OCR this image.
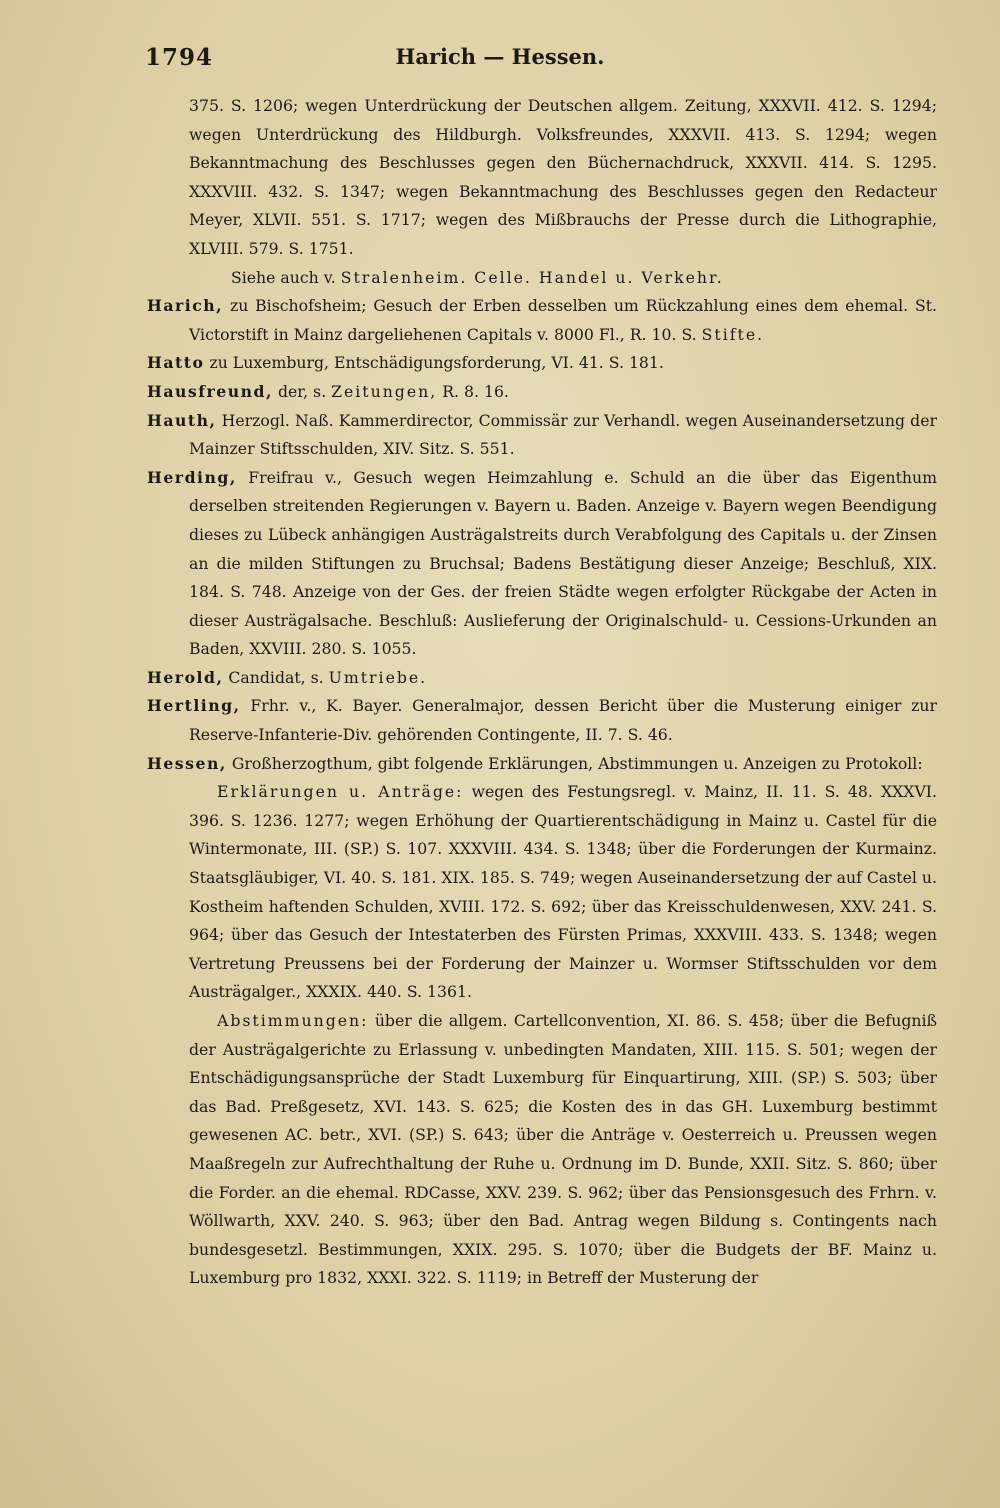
1794	Harich — Hessen.

375. S. 1206; wegen Unterdrückung der Deutschen allgem. Zeitung, XXXVII. 412. S. 1294; wegen Unterdrückung des Hildburgh. Volksfreundes, XXXVII. 413. S. 1294; wegen Bekanntmachung des Beschlusses gegen den Büchernachdruck, XXXVII. 414. S. 1295. XXXVIII. 432. S. 1347; wegen Bekanntmachung des Beschlusses gegen den Redacteur Meyer, XLVII. 551. S. 1717; wegen des Mißbrauchs der Presse durch die Lithographie, XLVIII. 579. S. 1751.

Siehe auch v. Stralenheim. Celle. Handel u. Verkehr.

Harich, zu Bischofsheim; Gesuch der Erben desselben um Rückzahlung eines dem ehemal. St. Victorstift in Mainz dargeliehenen Capitals v. 8000 Fl., R. 10. S. Stifte.

Hatto zu Luxemburg, Entschädigungsforderung, VI. 41. S. 181.

Hausfreund, der, s. Zeitungen, R. 8. 16.

Hauth, Herzogl. Naß. Kammerdirector, Commissär zur Verhandl. wegen Auseinandersetzung der Mainzer Stiftsschulden, XIV. Sitz. S. 551.

Herding, Freifrau v., Gesuch wegen Heimzahlung e. Schuld an die über das Eigenthum derselben streitenden Regierungen v. Bayern u. Baden. Anzeige v. Bayern wegen Beendigung dieses zu Lübeck anhängigen Austrägalstreits durch Verabfolgung des Capitals u. der Zinsen an die milden Stiftungen zu Bruchsal; Badens Bestätigung dieser Anzeige; Beschluß, XIX. 184. S. 748. Anzeige von der Ges. der freien Städte wegen erfolgter Rückgabe der Acten in dieser Austrägalsache. Beschluß: Auslieferung der Originalschuld- u. Cessions-Urkunden an Baden, XXVIII. 280. S. 1055.

Herold, Candidat, s. Umtriebe.

Hertling, Frhr. v., K. Bayer. Generalmajor, dessen Bericht über die Musterung einiger zur Reserve-Infanterie-Div. gehörenden Contingente, II. 7. S. 46.

Hessen, Großherzogthum, gibt folgende Erklärungen, Abstimmungen u. Anzeigen zu Protokoll:

Erklärungen u. Anträge: wegen des Festungsregl. v. Mainz, II. 11. S. 48. XXXVI. 396. S. 1236. 1277; wegen Erhöhung der Quartierentschädigung in Mainz u. Castel für die Wintermonate, III. (SP.) S. 107. XXXVIII. 434. S. 1348; über die Forderungen der Kurmainz. Staatsgläubiger, VI. 40. S. 181. XIX. 185. S. 749; wegen Auseinandersetzung der auf Castel u. Kostheim haftenden Schulden, XVIII. 172. S. 692; über das Kreisschuldenwesen, XXV. 241. S. 964; über das Gesuch der Intestaterben des Fürsten Primas, XXXVIII. 433. S. 1348; wegen Vertretung Preussens bei der Forderung der Mainzer u. Wormser Stiftsschulden vor dem Austrägalger., XXXIX. 440. S. 1361.

Abstimmungen: über die allgem. Cartellconvention, XI. 86. S. 458; über die Befugniß der Austrägalgerichte zu Erlassung v. unbedingten Mandaten, XIII. 115. S. 501; wegen der Entschädigungsansprüche der Stadt Luxemburg für Einquartirung, XIII. (SP.) S. 503; über das Bad. Preßgesetz, XVI. 143. S. 625; die Kosten des in das GH. Luxemburg bestimmt gewesenen AC. betr., XVI. (SP.) S. 643; über die Anträge v. Oesterreich u. Preussen wegen Maaßregeln zur Aufrechthaltung der Ruhe u. Ordnung im D. Bunde, XXII. Sitz. S. 860; über die Forder. an die ehemal. RDCasse, XXV. 239. S. 962; über das Pensionsgesuch des Frhrn. v. Wöllwarth, XXV. 240. S. 963; über den Bad. Antrag wegen Bildung s. Contingents nach bundesgesetzl. Bestimmungen, XXIX. 295. S. 1070; über die Budgets der BF. Mainz u. Luxemburg pro 1832, XXXI. 322. S. 1119; in Betreff der Musterung der
